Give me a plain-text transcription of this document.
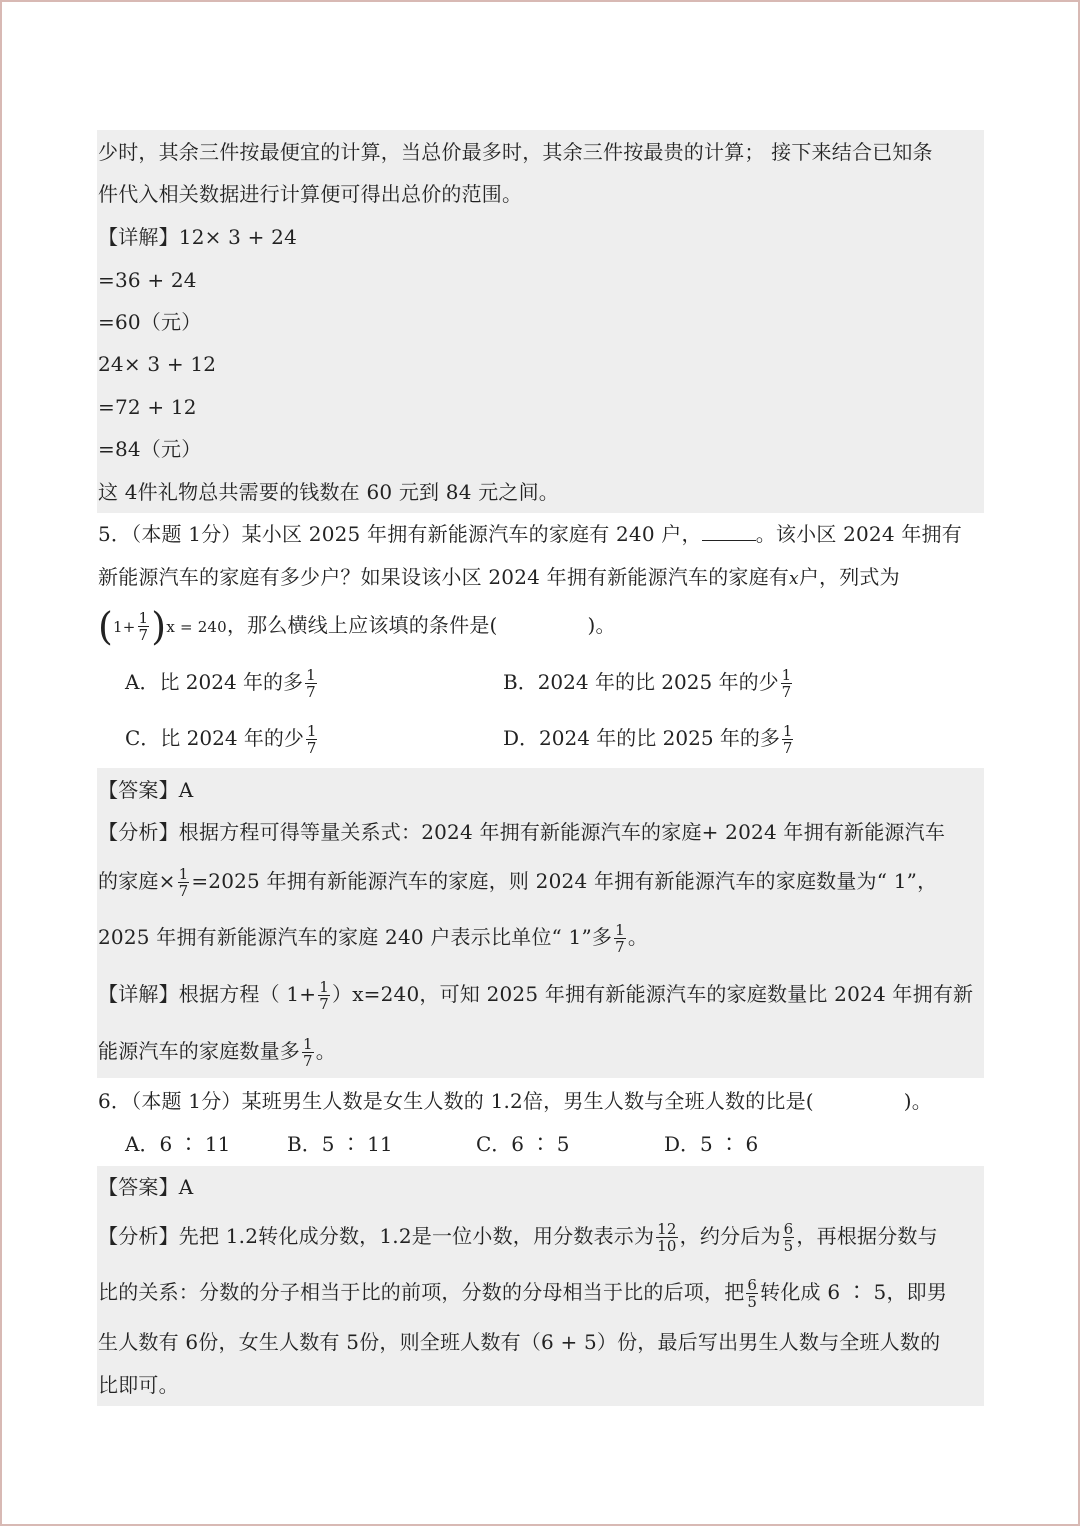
少时，其余三件按最便宜的计算，当总价最多时，其余三件按最贵的计算； 接下来结合已知条
件代入相关数据进行计算便可得出总价的范围。
【详解】12× 3 + 24
=36 + 24
=60（元）
24× 3 + 12
=72 + 12
=84（元）
这 4件礼物总共需要的钱数在 60 元到 84 元之间。
5．（本题 1分）某小区 2025 年拥有新能源汽车的家庭有 240 户，	。该小区 2024 年拥有
新能源汽车的家庭有多少户？如果设该小区 2024 年拥有新能源汽车的家庭有x户，列式为
$(1+ \frac{1}{7} )x = 240$，那么横线上应该填的条件是(	)。
A．比 2024 年的多 $\frac{1}{7}$	B．2024 年的比 2025 年的少 $\frac{1}{7}$
C．比 2024 年的少 $\frac{1}{7}$	D．2024 年的比 2025 年的多 $\frac{1}{7}$
【答案】A
【分析】根据方程可得等量关系式：2024 年拥有新能源汽车的家庭+ 2024 年拥有新能源汽车
的家庭× $\frac{1}{7} =2025$ 年拥有新能源汽车的家庭，则 2024 年拥有新能源汽车的家庭数量为“ 1”，
2025 年拥有新能源汽车的家庭 240 户表示比单位“ 1”多 $\frac{1}{7}$ 。
【详解】根据方程（ $1+ \frac{1}{7} )x=240$，可知 2025 年拥有新能源汽车的家庭数量比 2024 年拥有新
能源汽车的家庭数量多 $\frac{1}{7}$ 。
6．（本题 1分）某班男生人数是女生人数的 1.2倍，男生人数与全班人数的比是(	)。
A．6 ∶ 11	B．5 ∶ 11	C．6 ∶ 5	D．5 ∶ 6
【答案】A
【分析】先把 1.2转化成分数，1.2是一位小数，用分数表示为 $\frac{12}{10}$ ，约分后为 $\frac{6}{5}$ ，再根据分数与
比的关系：分数的分子相当于比的前项，分数的分母相当于比的后项，把 $\frac{6}{5}$ 转化成 6 ∶ 5，即男
生人数有 6份，女生人数有 5份，则全班人数有（6 + 5）份，最后写出男生人数与全班人数的
比即可。
